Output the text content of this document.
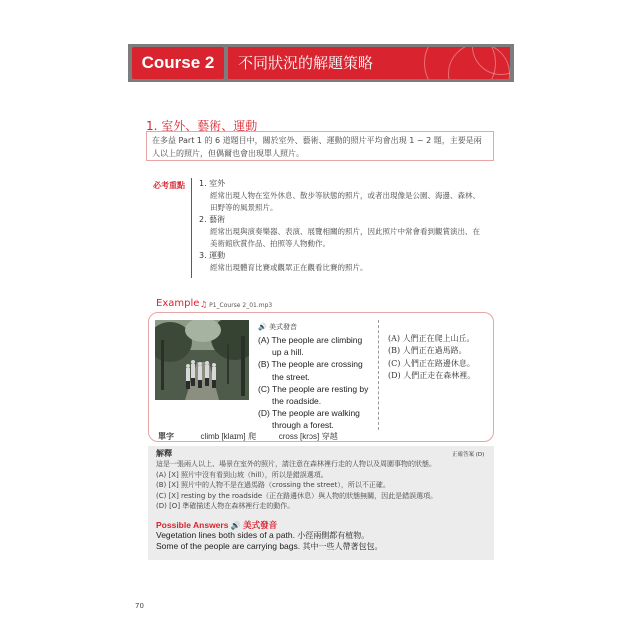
Course 2	不同狀況的解題策略
1. 室外、藝術、運動
在多益 Part 1 的 6 道題目中，關於室外、藝術、運動的照片平均會出現 1 ~ 2 題，主要是兩
人以上的照片，但偶爾也會出現單人照片。
必考重點 1. 室外
經常出現人物在室外休息、散步等狀態的照片，或者出現像是公園、海邊、森林、
田野等的風景照片。
2. 藝術
經常出現與演奏樂器、表演、展覽相關的照片，因此照片中常會看到觀賞演出、在
美術館欣賞作品、拍照等人物動作。
3. 運動
經常出現體育比賽或觀眾正在觀看比賽的照片。
Example ♫ P1_Course 2_01.mp3
🔊 美式發音
(A) The people are climbing
up a hill.
(B) The people are crossing
the street.
(C) The people are resting by
the roadside.
(D) The people are walking
through a forest.
(A) 人們正在爬上山丘。
(B) 人們正在過馬路。
(C) 人們正在路邊休息。
(D) 人們正走在森林裡。
單字	climb [klaɪm] 爬	cross [krɔs] 穿越
解釋	正確答案 (D)
這是一張兩人以上、場景在室外的照片，請注意在森林裡行走的人物以及周圍事物的狀態。
(A) [X] 照片中沒有看到山坡（hill），所以是錯誤選項。
(B) [X] 照片中的人物不是在過馬路（crossing the street），所以不正確。
(C) [X] resting by the roadside（正在路邊休息）與人物的狀態無關，因此是錯誤選項。
(D) [O] 準確描述人物在森林裡行走的動作。
Possible Answers 🔊 美式發音
Vegetation lines both sides of a path. 小徑兩側都有植物。
Some of the people are carrying bags. 其中一些人帶著包包。
70
